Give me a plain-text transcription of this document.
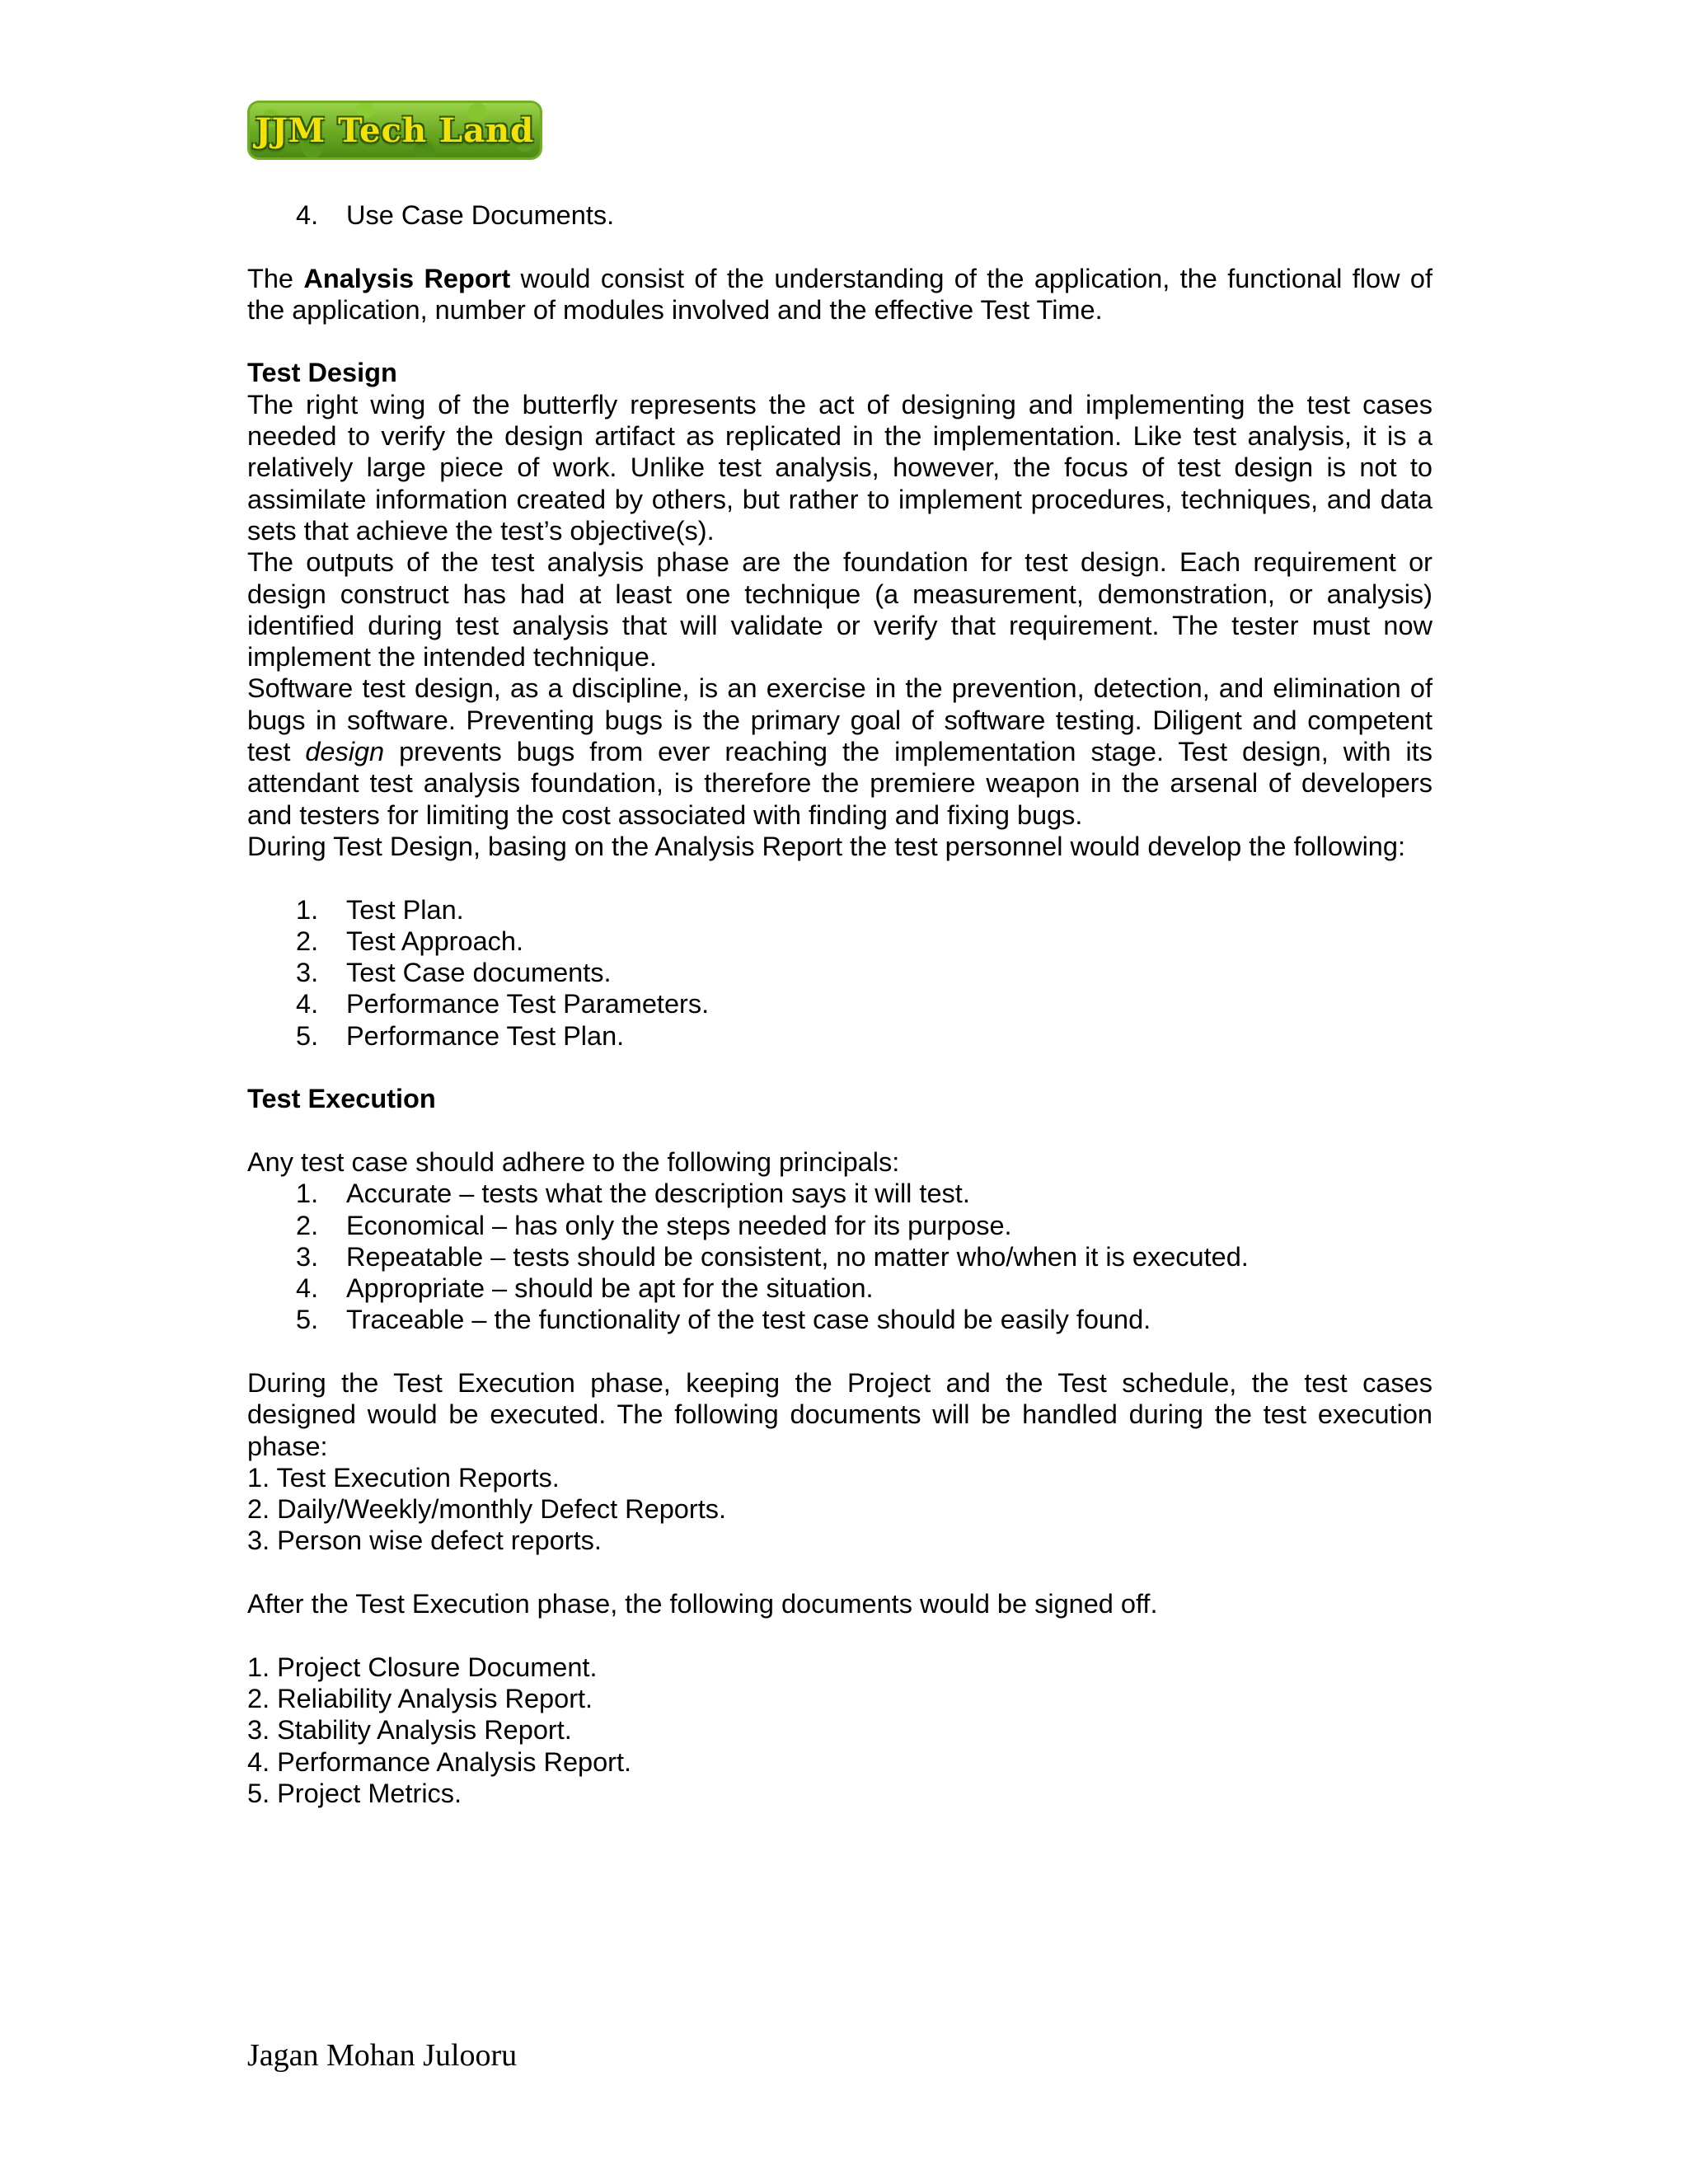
JJM Tech Land
4. Use Case Documents.

The Analysis Report would consist of the understanding of the application, the functional flow of the application, number of modules involved and the effective Test Time.

Test Design

The right wing of the butterfly represents the act of designing and implementing the test cases needed to verify the design artifact as replicated in the implementation. Like test analysis, it is a relatively large piece of work. Unlike test analysis, however, the focus of test design is not to assimilate information created by others, but rather to implement procedures, techniques, and data sets that achieve the test’s objective(s).

The outputs of the test analysis phase are the foundation for test design. Each requirement or design construct has had at least one technique (a measurement, demonstration, or analysis) identified during test analysis that will validate or verify that requirement. The tester must now implement the intended technique.

Software test design, as a discipline, is an exercise in the prevention, detection, and elimination of bugs in software. Preventing bugs is the primary goal of software testing. Diligent and competent test design prevents bugs from ever reaching the implementation stage. Test design, with its attendant test analysis foundation, is therefore the premiere weapon in the arsenal of developers and testers for limiting the cost associated with finding and fixing bugs.

During Test Design, basing on the Analysis Report the test personnel would develop the following:

1. Test Plan.
2. Test Approach.
3. Test Case documents.
4. Performance Test Parameters.
5. Performance Test Plan.

Test Execution

Any test case should adhere to the following principals:

1. Accurate – tests what the description says it will test.
2. Economical – has only the steps needed for its purpose.
3. Repeatable – tests should be consistent, no matter who/when it is executed.
4. Appropriate – should be apt for the situation.
5. Traceable – the functionality of the test case should be easily found.

During the Test Execution phase, keeping the Project and the Test schedule, the test cases designed would be executed. The following documents will be handled during the test execution phase:

1. Test Execution Reports.

2. Daily/Weekly/monthly Defect Reports.

3. Person wise defect reports.

After the Test Execution phase, the following documents would be signed off.

1. Project Closure Document.

2. Reliability Analysis Report.

3. Stability Analysis Report.

4. Performance Analysis Report.

5. Project Metrics.

Jagan Mohan Julooru
